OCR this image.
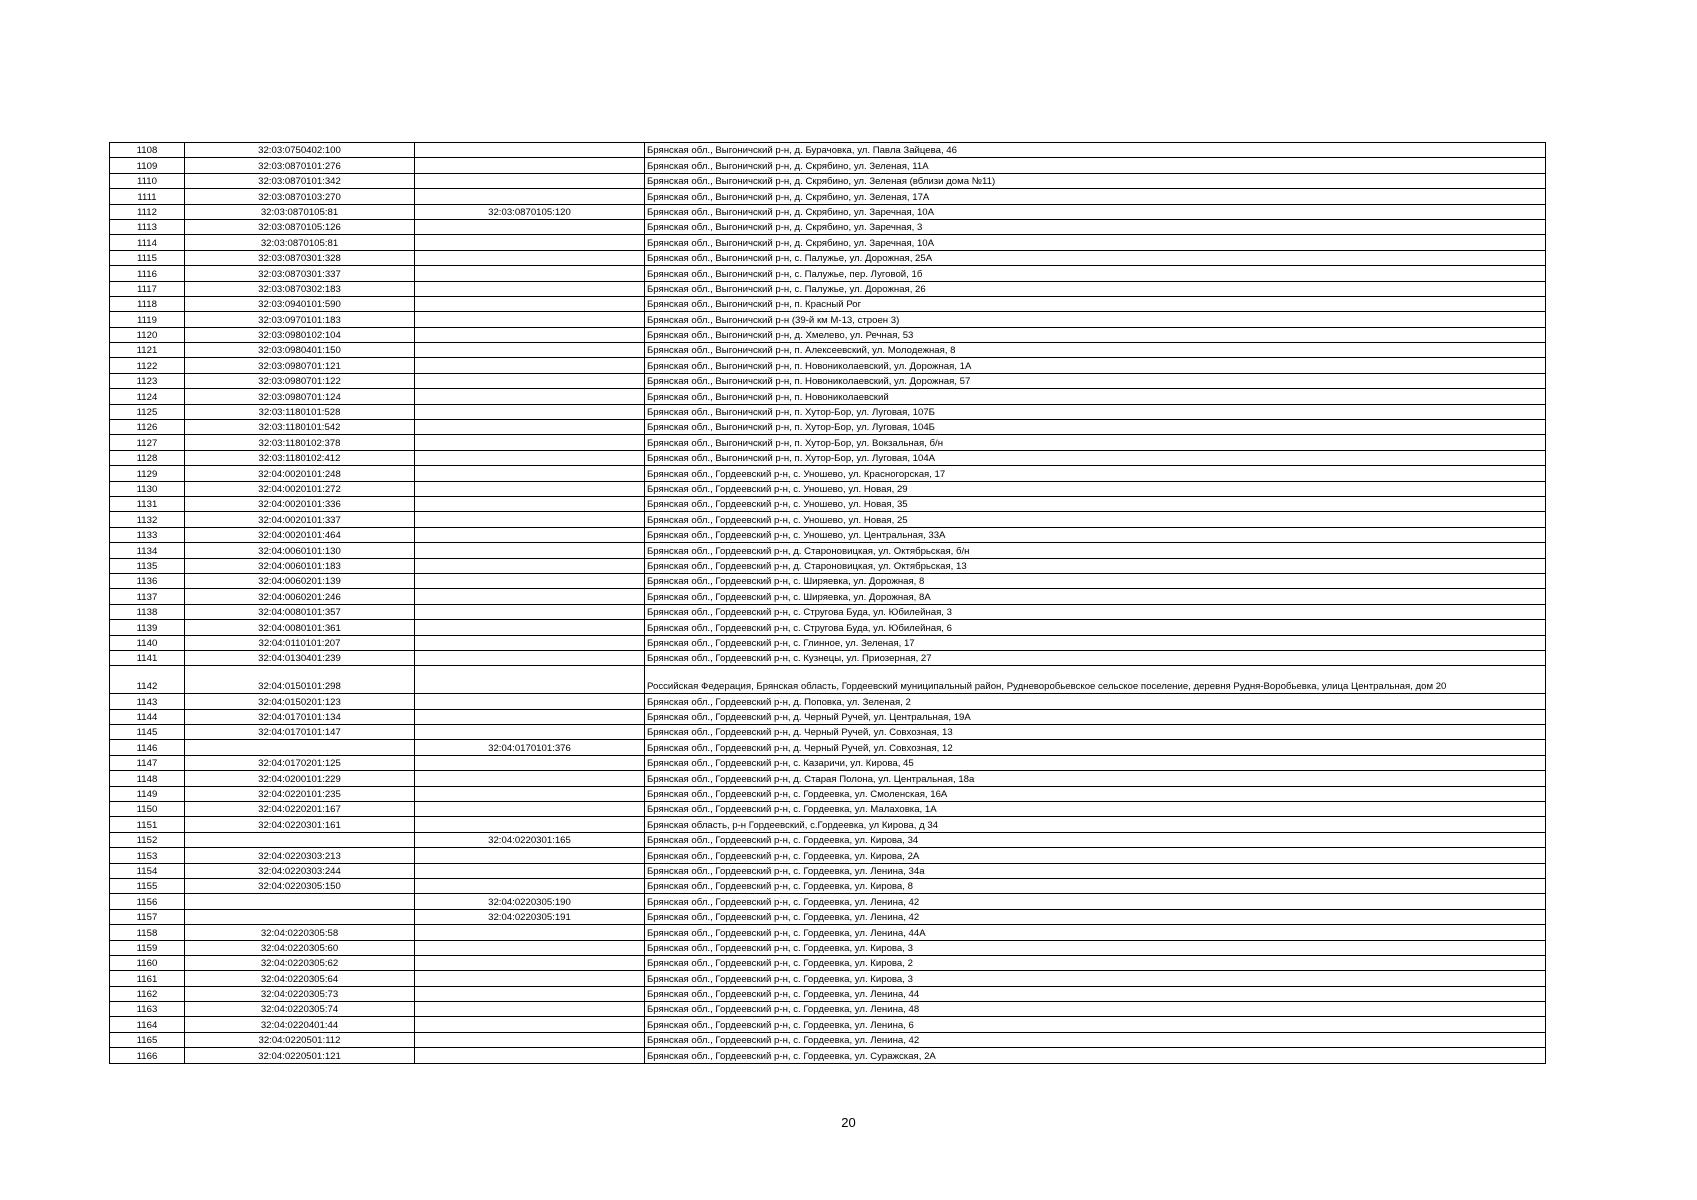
1108	32:03:0750402:100		Брянская обл., Выгоничский р-н, д. Бурачовка, ул. Павла Зайцева, 46
1109	32:03:0870101:276		Брянская обл., Выгоничский р-н, д. Скрябино, ул. Зеленая, 11А
1110	32:03:0870101:342		Брянская обл., Выгоничский р-н, д. Скрябино, ул. Зеленая (вблизи дома №11)
1111	32:03:0870103:270		Брянская обл., Выгоничский р-н, д. Скрябино, ул. Зеленая, 17А
1112	32:03:0870105:81	32:03:0870105:120	Брянская обл., Выгоничский р-н, д. Скрябино, ул. Заречная, 10А
1113	32:03:0870105:126		Брянская обл., Выгоничский р-н, д. Скрябино, ул. Заречная, 3
1114	32:03:0870105:81		Брянская обл., Выгоничский р-н, д. Скрябино, ул. Заречная, 10А
1115	32:03:0870301:328		Брянская обл., Выгоничский р-н, с. Палужье, ул. Дорожная, 25А
1116	32:03:0870301:337		Брянская обл., Выгоничский р-н, с. Палужье, пер. Луговой, 1б
1117	32:03:0870302:183		Брянская обл., Выгоничский р-н, с. Палужье, ул. Дорожная, 26
1118	32:03:0940101:590		Брянская обл., Выгоничский р-н, п. Красный Рог
1119	32:03:0970101:183		Брянская обл., Выгоничский р-н (39-й км М-13, строен 3)
1120	32:03:0980102:104		Брянская обл., Выгоничский р-н, д. Хмелево, ул. Речная, 53
1121	32:03:0980401:150		Брянская обл., Выгоничский р-н, п. Алексеевский, ул. Молодежная, 8
1122	32:03:0980701:121		Брянская обл., Выгоничский р-н, п. Новониколаевский, ул. Дорожная, 1А
1123	32:03:0980701:122		Брянская обл., Выгоничский р-н, п. Новониколаевский, ул. Дорожная, 57
1124	32:03:0980701:124		Брянская обл., Выгоничский р-н, п. Новониколаевский
1125	32:03:1180101:528		Брянская обл., Выгоничский р-н, п. Хутор-Бор, ул. Луговая, 107Б
1126	32:03:1180101:542		Брянская обл., Выгоничский р-н, п. Хутор-Бор, ул. Луговая, 104Б
1127	32:03:1180102:378		Брянская обл., Выгоничский р-н, п. Хутор-Бор, ул. Вокзальная, б/н
1128	32:03:1180102:412		Брянская обл., Выгоничский р-н, п. Хутор-Бор, ул. Луговая, 104А
1129	32:04:0020101:248		Брянская обл., Гордеевский р-н, с. Уношево, ул. Красногорская, 17
1130	32:04:0020101:272		Брянская обл., Гордеевский р-н, с. Уношево, ул. Новая, 29
1131	32:04:0020101:336		Брянская обл., Гордеевский р-н, с. Уношево, ул. Новая, 35
1132	32:04:0020101:337		Брянская обл., Гордеевский р-н, с. Уношево, ул. Новая, 25
1133	32:04:0020101:464		Брянская обл., Гордеевский р-н, с. Уношево, ул. Центральная, 33А
1134	32:04:0060101:130		Брянская обл., Гордеевский р-н, д. Староновицкая, ул. Октябрьская, б/н
1135	32:04:0060101:183		Брянская обл., Гордеевский р-н, д. Староновицкая, ул. Октябрьская, 13
1136	32:04:0060201:139		Брянская обл., Гордеевский р-н, с. Ширяевка, ул. Дорожная, 8
1137	32:04:0060201:246		Брянская обл., Гордеевский р-н, с. Ширяевка, ул. Дорожная, 8А
1138	32:04:0080101:357		Брянская обл., Гордеевский р-н, с. Стругова Буда, ул. Юбилейная, 3
1139	32:04:0080101:361		Брянская обл., Гордеевский р-н, с. Стругова Буда, ул. Юбилейная, 6
1140	32:04:0110101:207		Брянская обл., Гордеевский р-н, с. Глинное, ул. Зеленая, 17
1141	32:04:0130401:239		Брянская обл., Гордеевский р-н, с. Кузнецы, ул. Приозерная, 27
1142	32:04:0150101:298		Российская Федерация, Брянская область, Гордеевский муниципальный район, Рудневоробьевское сельское поселение, деревня Рудня-Воробьевка, улица Центральная, дом 20
1143	32:04:0150201:123		Брянская обл., Гордеевский р-н, д. Поповка, ул. Зеленая, 2
1144	32:04:0170101:134		Брянская обл., Гордеевский р-н, д. Черный Ручей, ул. Центральная, 19А
1145	32:04:0170101:147		Брянская обл., Гордеевский р-н, д. Черный Ручей, ул. Совхозная, 13
1146		32:04:0170101:376	Брянская обл., Гордеевский р-н, д. Черный Ручей, ул. Совхозная, 12
1147	32:04:0170201:125		Брянская обл., Гордеевский р-н, с. Казаричи, ул. Кирова, 45
1148	32:04:0200101:229		Брянская обл., Гордеевский р-н, д. Старая Полона, ул. Центральная, 18а
1149	32:04:0220101:235		Брянская обл., Гордеевский р-н, с. Гордеевка, ул. Смоленская, 16А
1150	32:04:0220201:167		Брянская обл., Гордеевский р-н, с. Гордеевка, ул. Малаховка, 1А
1151	32:04:0220301:161		Брянская область, р-н Гордеевский, с.Гордеевка, ул Кирова, д 34
1152		32:04:0220301:165	Брянская обл., Гордеевский р-н, с. Гордеевка, ул. Кирова, 34
1153	32:04:0220303:213		Брянская обл., Гордеевский р-н, с. Гордеевка, ул. Кирова, 2А
1154	32:04:0220303:244		Брянская обл., Гордеевский р-н, с. Гордеевка, ул. Ленина, 34а
1155	32:04:0220305:150		Брянская обл., Гордеевский р-н, с. Гордеевка, ул. Кирова, 8
1156		32:04:0220305:190	Брянская обл., Гордеевский р-н, с. Гордеевка, ул. Ленина, 42
1157		32:04:0220305:191	Брянская обл., Гордеевский р-н, с. Гордеевка, ул. Ленина, 42
1158	32:04:0220305:58		Брянская обл., Гордеевский р-н, с. Гордеевка, ул. Ленина, 44А
1159	32:04:0220305:60		Брянская обл., Гордеевский р-н, с. Гордеевка, ул. Кирова, 3
1160	32:04:0220305:62		Брянская обл., Гордеевский р-н, с. Гордеевка, ул. Кирова, 2
1161	32:04:0220305:64		Брянская обл., Гордеевский р-н, с. Гордеевка, ул. Кирова, 3
1162	32:04:0220305:73		Брянская обл., Гордеевский р-н, с. Гордеевка, ул. Ленина, 44
1163	32:04:0220305:74		Брянская обл., Гордеевский р-н, с. Гордеевка, ул. Ленина, 48
1164	32:04:0220401:44		Брянская обл., Гордеевский р-н, с. Гордеевка, ул. Ленина, 6
1165	32:04:0220501:112		Брянская обл., Гордеевский р-н, с. Гордеевка, ул. Ленина, 42
1166	32:04:0220501:121		Брянская обл., Гордеевский р-н, с. Гордеевка, ул. Суражская, 2А
20
